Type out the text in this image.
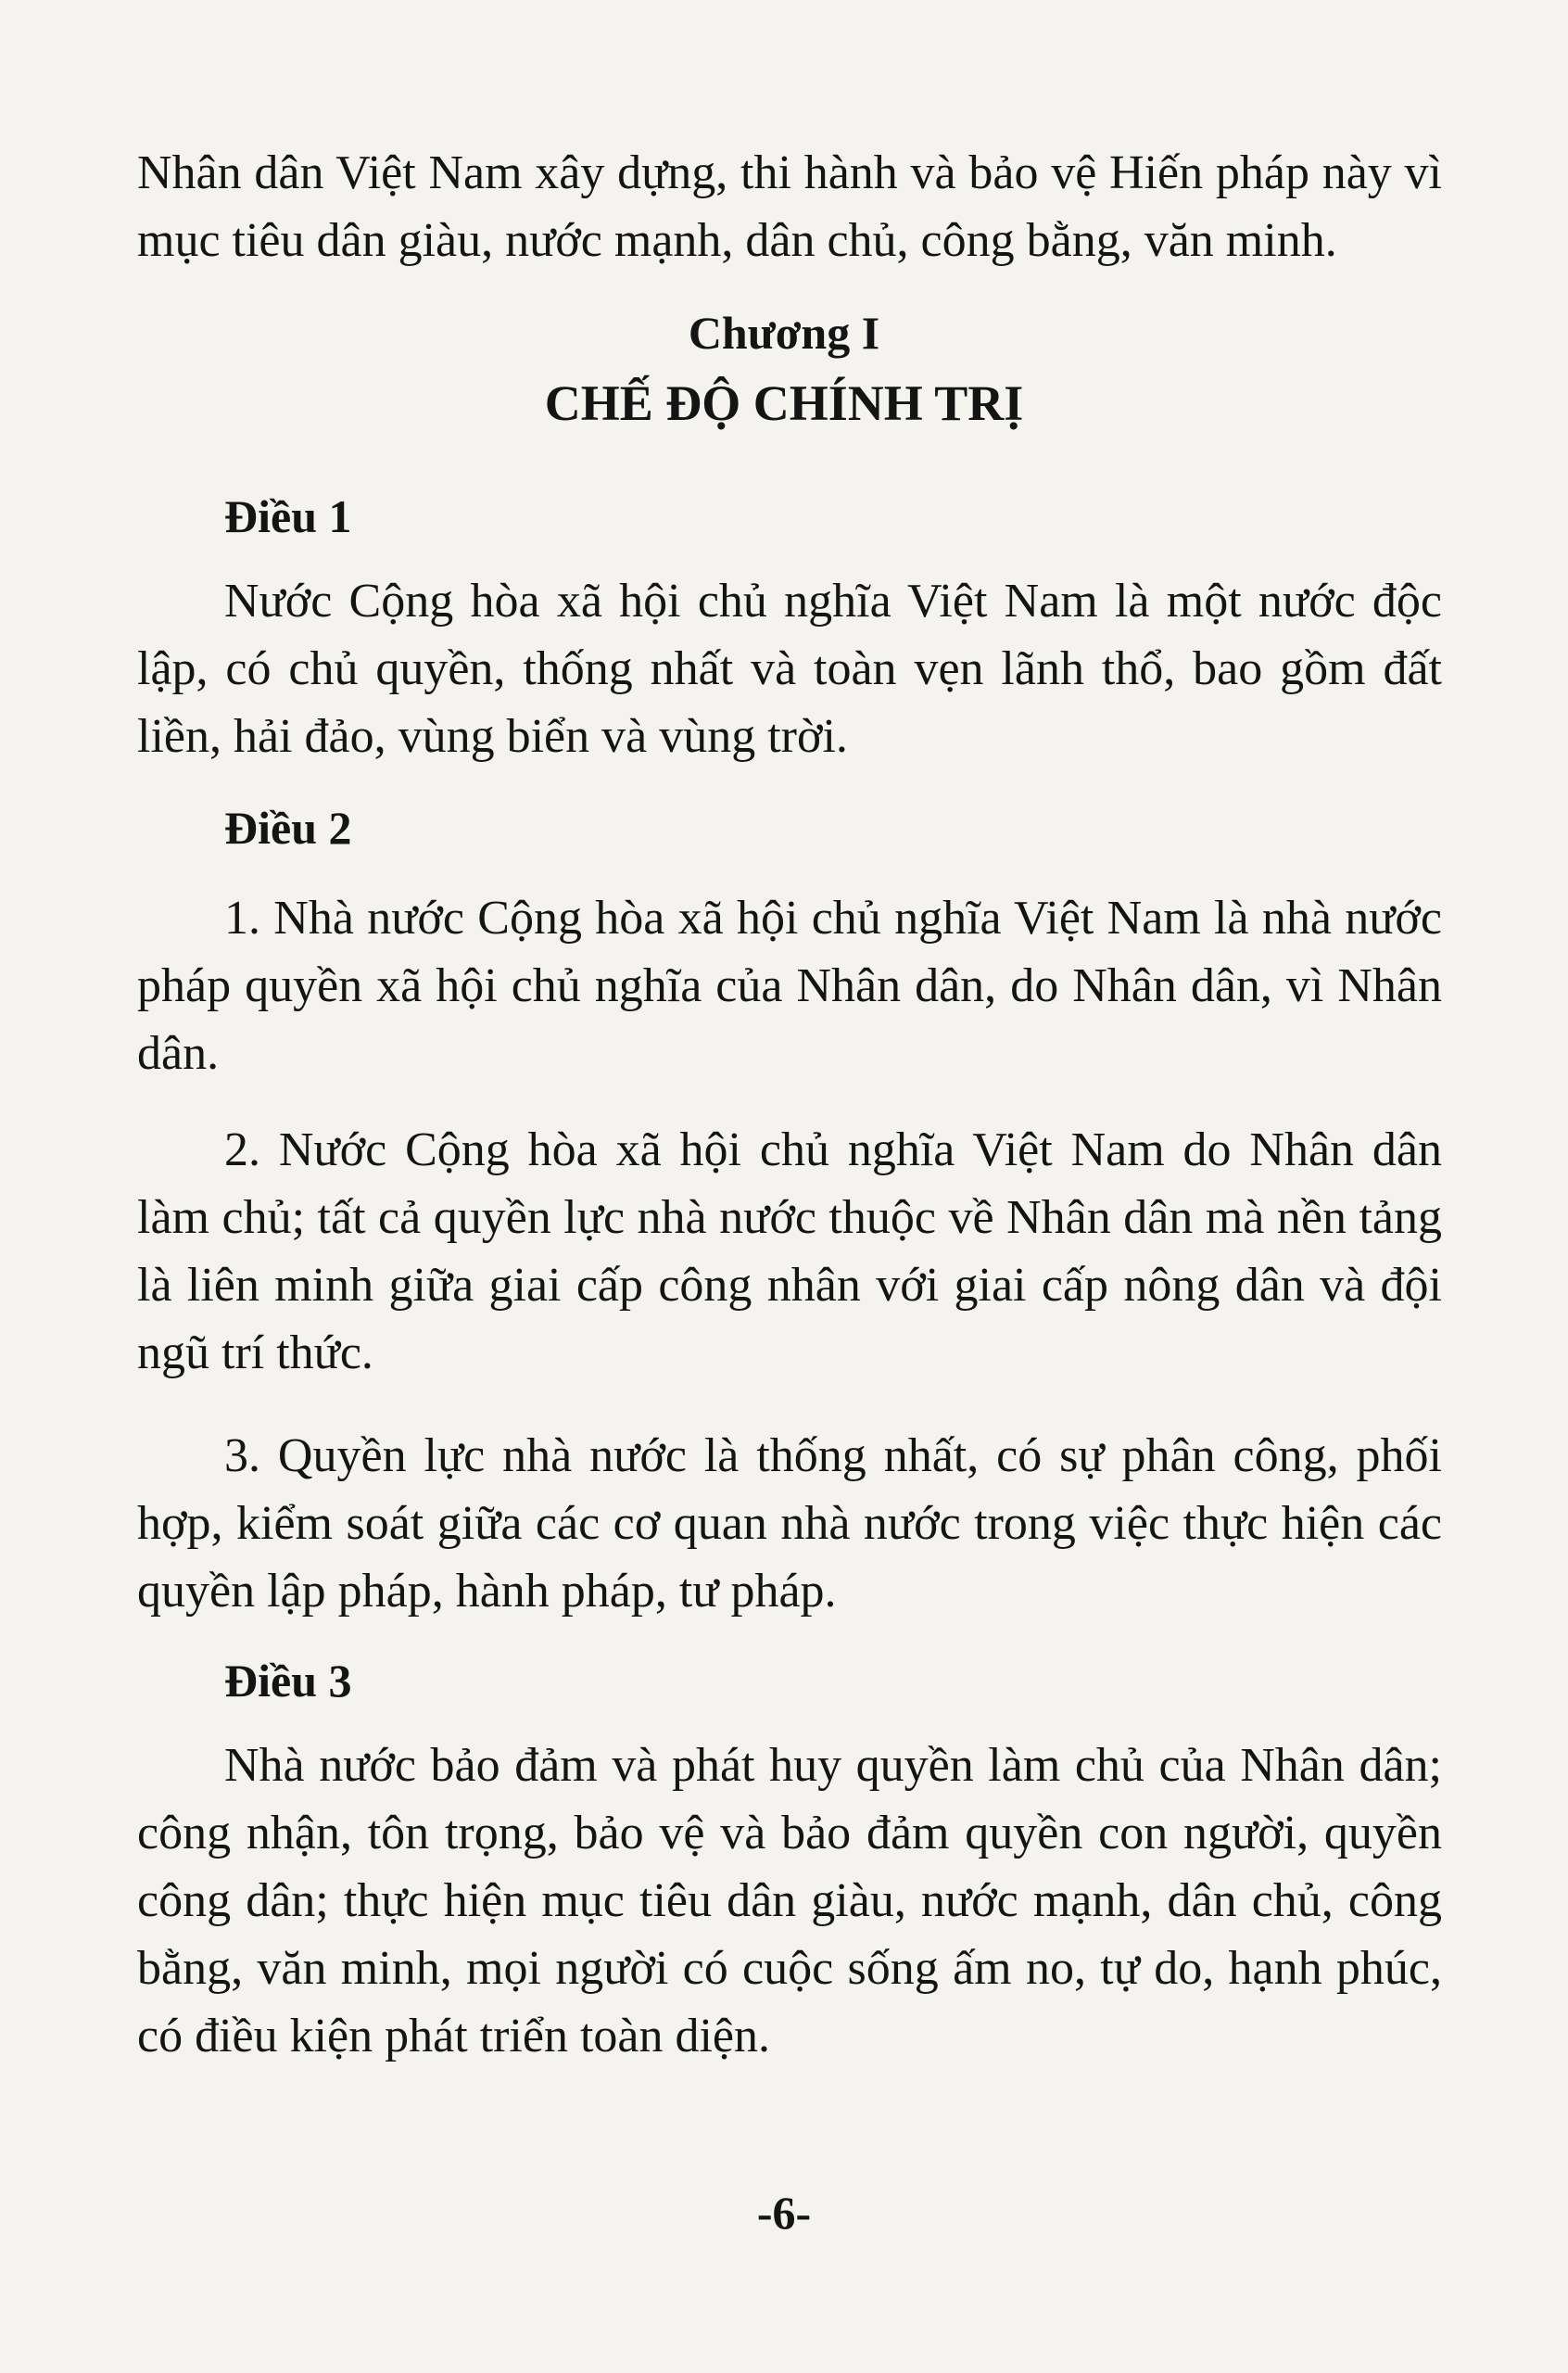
Nhân dân Việt Nam xây dựng, thi hành và bảo vệ Hiến pháp này vì mục tiêu dân giàu, nước mạnh, dân chủ, công bằng, văn minh.
Chương I
CHẾ ĐỘ CHÍNH TRỊ
Điều 1
Nước Cộng hòa xã hội chủ nghĩa Việt Nam là một nước độc lập, có chủ quyền, thống nhất và toàn vẹn lãnh thổ, bao gồm đất liền, hải đảo, vùng biển và vùng trời.
Điều 2
1. Nhà nước Cộng hòa xã hội chủ nghĩa Việt Nam là nhà nước pháp quyền xã hội chủ nghĩa của Nhân dân, do Nhân dân, vì Nhân dân.
2. Nước Cộng hòa xã hội chủ nghĩa Việt Nam do Nhân dân làm chủ; tất cả quyền lực nhà nước thuộc về Nhân dân mà nền tảng là liên minh giữa giai cấp công nhân với giai cấp nông dân và đội ngũ trí thức.
3. Quyền lực nhà nước là thống nhất, có sự phân công, phối hợp, kiểm soát giữa các cơ quan nhà nước trong việc thực hiện các quyền lập pháp, hành pháp, tư pháp.
Điều 3
Nhà nước bảo đảm và phát huy quyền làm chủ của Nhân dân; công nhận, tôn trọng, bảo vệ và bảo đảm quyền con người, quyền công dân; thực hiện mục tiêu dân giàu, nước mạnh, dân chủ, công bằng, văn minh, mọi người có cuộc sống ấm no, tự do, hạnh phúc, có điều kiện phát triển toàn diện.
-6-
